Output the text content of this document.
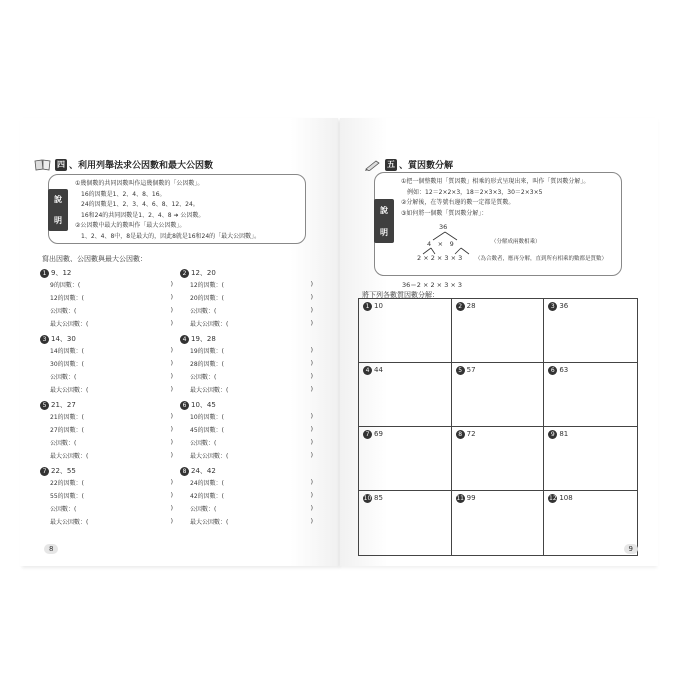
四 、利用列舉法求公因數和最大公因數
說
明
①幾個數的共同因數叫作這幾個數的「公因數」。
　16的因數是1、2、4、8、16。
　24的因數是1、2、3、4、6、8、12、24。
　16和24的共同因數是1、2、4、8 ➜ 公因數。
②公因數中最大的數叫作「最大公因數」。
　1、2、4、8中，8是最大的，因此8就是16和24的「最大公因數」。
寫出因數、公因數與最大公因數：
1 9、12
9的因數：(	)
12的因數：(	)
公因數：(	)
最大公因數：(	)
2 12、20
12的因數：(	)
20的因數：(	)
公因數：(	)
最大公因數：(	)
3 14、30
14的因數：(	)
30的因數：(	)
公因數：(	)
最大公因數：(	)
4 19、28
19的因數：(	)
28的因數：(	)
公因數：(	)
最大公因數：(	)
5 21、27
21的因數：(	)
27的因數：(	)
公因數：(	)
最大公因數：(	)
6 10、45
10的因數：(	)
45的因數：(	)
公因數：(	)
最大公因數：(	)
7 22、55
22的因數：(	)
55的因數：(	)
公因數：(	)
最大公因數：(	)
8 24、42
24的因數：(	)
42的因數：(	)
公因數：(	)
最大公因數：(	)
8
五 、質因數分解
說
明
①把一個整數用「質因數」相乘的形式呈現出來，叫作「質因數分解」。
　例如：12＝2×2×3，18＝2×3×3，30＝2×3×5
②分解後，在等號右邊的數一定都是質數。
③如何將一個數「質因數分解」：
36
4　×　9
2 × 2 × 3 × 3
（分解成兩數相乘）
（為合數者，應再分解，直到所有相乘的數都是質數）
36＝2 × 2 × 3 × 3
將下列各數質因數分解：
1 10	2 28	3 36
4 44	5 57	6 63
7 69	8 72	9 81
10 85	11 99	12 108
9
